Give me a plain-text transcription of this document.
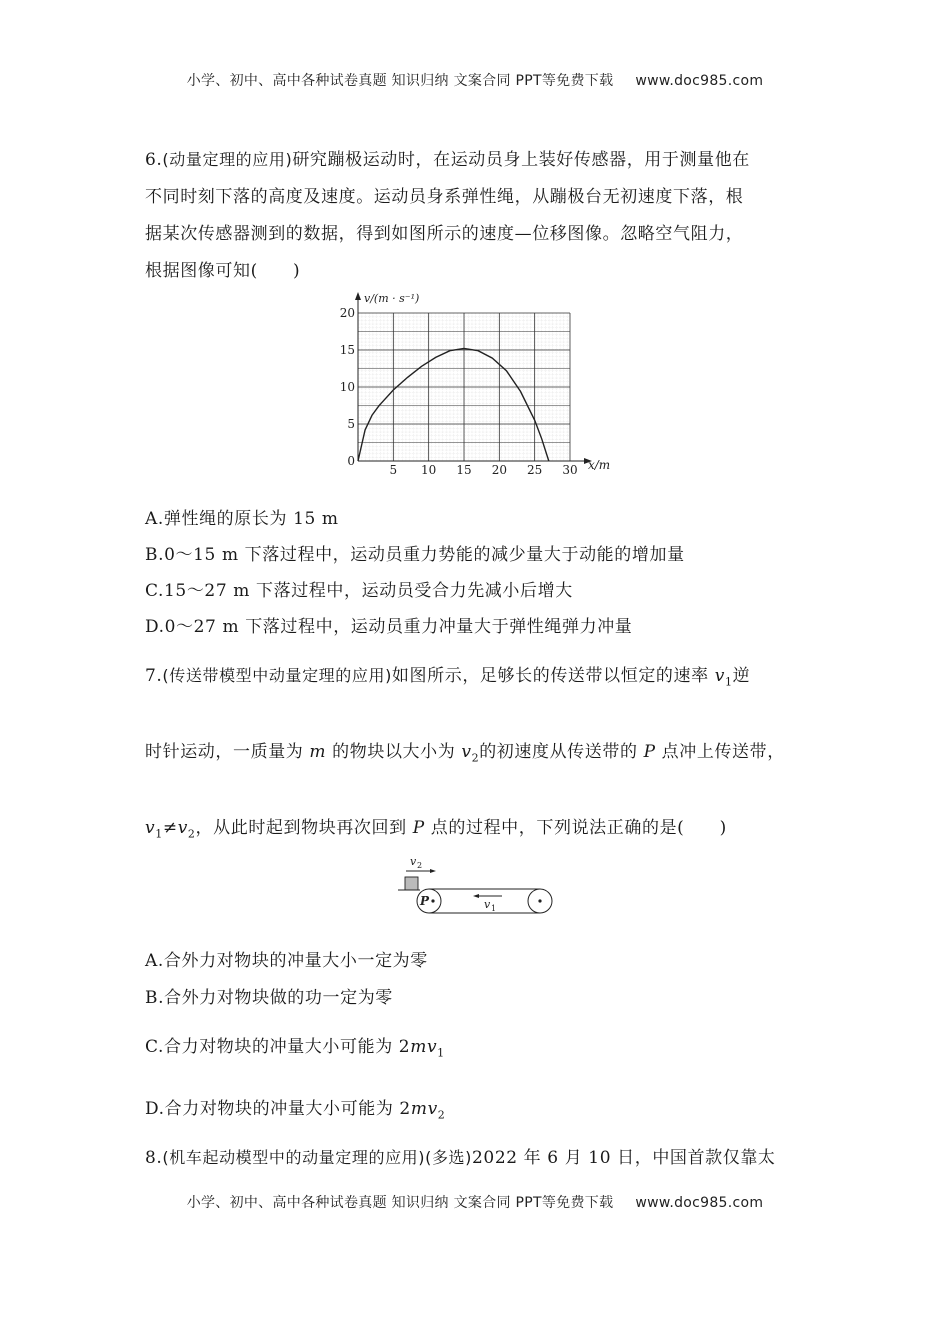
小学、初中、高中各种试卷真题 知识归纳 文案合同 PPT等免费下载 www.doc985.com
6.(动量定理的应用)研究蹦极运动时，在运动员身上装好传感器，用于测量他在
不同时刻下落的高度及速度。运动员身系弹性绳，从蹦极台无初速度下落，根
据某次传感器测到的数据，得到如图所示的速度—位移图像。忽略空气阻力，
根据图像可知(　　)
5 10 15 20 25 30
0
5
10
15
20
v/(m · s⁻¹)
x/m
A.弹性绳的原长为 15 m
B.0～15 m 下落过程中，运动员重力势能的减少量大于动能的增加量
C.15～27 m 下落过程中，运动员受合力先减小后增大
D.0～27 m 下落过程中，运动员重力冲量大于弹性绳弹力冲量
7.(传送带模型中动量定理的应用)如图所示，足够长的传送带以恒定的速率 $v_1$逆
时针运动，一质量为 m 的物块以大小为 $v_2$的初速度从传送带的 P 点冲上传送带，
$v_1\ne v_2$，从此时起到物块再次回到 P 点的过程中，下列说法正确的是(　　)
v 2
P	v 1
A.合外力对物块的冲量大小一定为零
B.合外力对物块做的功一定为零
C.合力对物块的冲量大小可能为 $2mv_1$
D.合力对物块的冲量大小可能为 $2mv_2$
8.(机车起动模型中的动量定理的应用)(多选)2022 年 6 月 10 日，中国首款仅靠太
小学、初中、高中各种试卷真题 知识归纳 文案合同 PPT等免费下载 www.doc985.com
